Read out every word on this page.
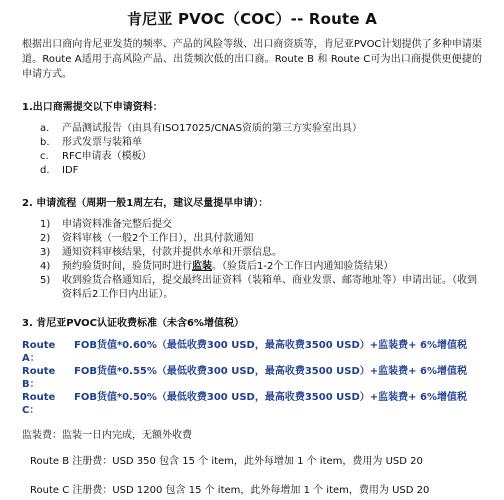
肯尼亚 PVOC（COC）-- Route A
根据出口商向肯尼亚发货的频率、产品的风险等级、出口商资质等，肯尼亚PVOC计划提供了多种申请渠道。Route A适用于高风险产品、出货频次低的出口商。Route B 和 Route C可为出口商提供更便捷的申请方式。
1.出口商需提交以下申请资料：
a.	产品测试报告（由具有ISO17025/CNAS资质的第三方实验室出具）
b.	形式发票与装箱单
c.	RFC申请表（模板）
d.	IDF
2. 申请流程（周期一般1周左右，建议尽量提早申请）：
1)	申请资料准备完整后提交
2)	资料审核（一般2个工作日），出具付款通知
3)	通知资料审核结果，付款并提供水单和开票信息。
4)	预约验货时间，验货同时进行监装。（验货后1-2个工作日内通知验货结果）
5)	收到验货合格通知后，提交最终出证资料（装箱单、商业发票、邮寄地址等）申请出证。（收到资料后2工作日内出证）。
3. 肯尼亚PVOC认证收费标准（未含6%增值税）
Route A：
FOB货值*0.60%（最低收费300 USD，最高收费3500 USD）+监装费+ 6%增值税
Route B：
FOB货值*0.55%（最低收费300 USD，最高收费3500 USD）+监装费+ 6%增值税
Route C：
FOB货值*0.50%（最低收费300 USD，最高收费3500 USD）+监装费+ 6%增值税
监装费：监装一日内完成，无额外收费
Route B 注册费：USD 350 包含 15 个 item，此外每增加 1 个 item，费用为 USD 20
Route C 注册费：USD 1200 包含 15 个 item，此外每增加 1 个 item，费用为 USD 20
